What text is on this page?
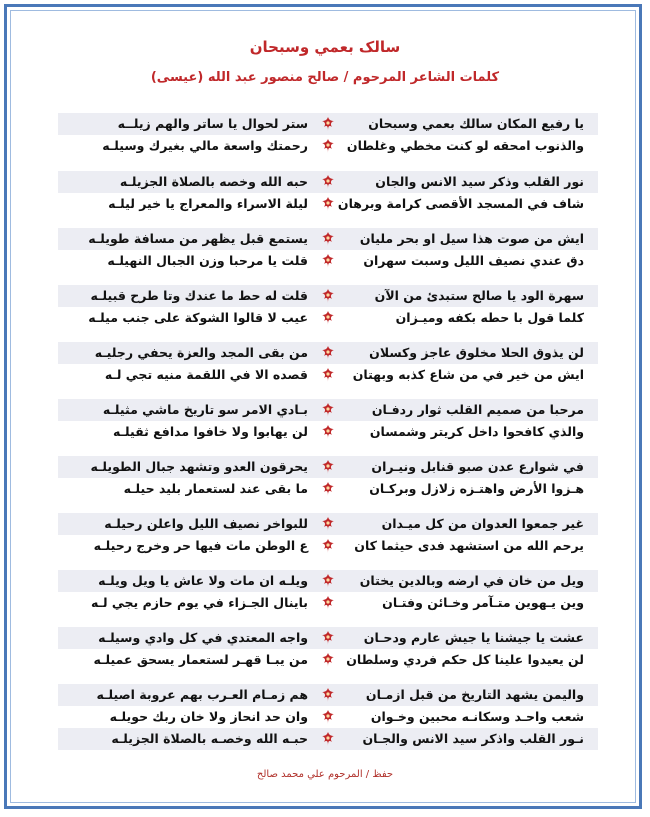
سالک بعمي وسبحان
كلمات الشاعر المرحوم / صالح منصور عبد الله (عيسى)
يا رفيع المكان سالك بعمي وسبحان
ستر لحوال يا ساتر والهم زيلــه
والذنوب امحقه لو كنت مخطي وغلطان
رحمتك واسعة مالي بغيرك وسيلـه
نور القلب وذكر سيد الانس والجان
حبه الله وخصه بالصلاة الجزيلـه
شاف في المسجد الأقصى كرامة وبرهان
ليلة الاسراء والمعراج يا خير ليلـه
ايش من صوت هذا سيل او بحر مليان
يستمع قبل يظهر من مسافة طويلـه
دق عندي نصيف الليل وسبت سهران
قلت يا مرحبا وزن الجبال النهيلـه
سهرة الود يا صالح ستبدئ من الآن
قلت له حط ما عندك وتا طرح قبيلـه
كلما قول با حطه بكفه وميـزان
عيب لا قالوا الشوكة على جنب ميلـه
لن يذوق الحلا مخلوق عاجز وكسلان
من بقى المجد والعزة يحفي رجليـه
ايش من خير في من شاع كذبه وبهتان
قصده الا في اللقمة منيه تجي لـه
مرحبا من صميم القلب ثوار ردفـان
بـادي الامر سو تاريخ ماشي مثيلـه
والذي كافحوا داخل كريتر وشمسان
لن يهابوا ولا خافوا مدافع ثقيلـه
في شوارع عدن صبو قنابل ونيـران
يحرقون العدو وتشهد جبال الطويلـه
هـزوا الأرض واهتـزه زلازل وبركـان
ما بقى عند لستعمار بليد حيلـه
غير جمعوا العدوان من كل ميـدان
للبواخر نصيف الليل واعلن رحيلـه
يرحم الله من استشهد فدى حيثما كان
ع الوطن مات فيها حر وخرج رحيلـه
ويل من خان في ارضه وبالدين يختان
ويلـه ان مات ولا عاش يا ويل ويلـه
وين يـهوين متـآمر وخـائن وفتـان
باينال الجـزاء في يوم حازم يجي لـه
عشت يا جيشنا يا جيش عارم ودحـان
واجه المعتدي في كل وادي وسيلـه
لن يعيدوا علينا كل حكم فردي وسلطان
من يبـا قهـر لستعمار يسحق عميلـه
واليمن يشهد التاريخ من قبل ازمـان
هم زمـام العـرب بهم عروبة اصيلـه
شعب واحـد وسكانـه محبين وخـوان
وان حد انحاز ولا خان ربك حويلـه
نـور القلب واذكر سيد الانس والجـان
حبـه الله وخصـه بالصلاة الجزيلـه
حفظ / المرحوم علي محمد صالح
